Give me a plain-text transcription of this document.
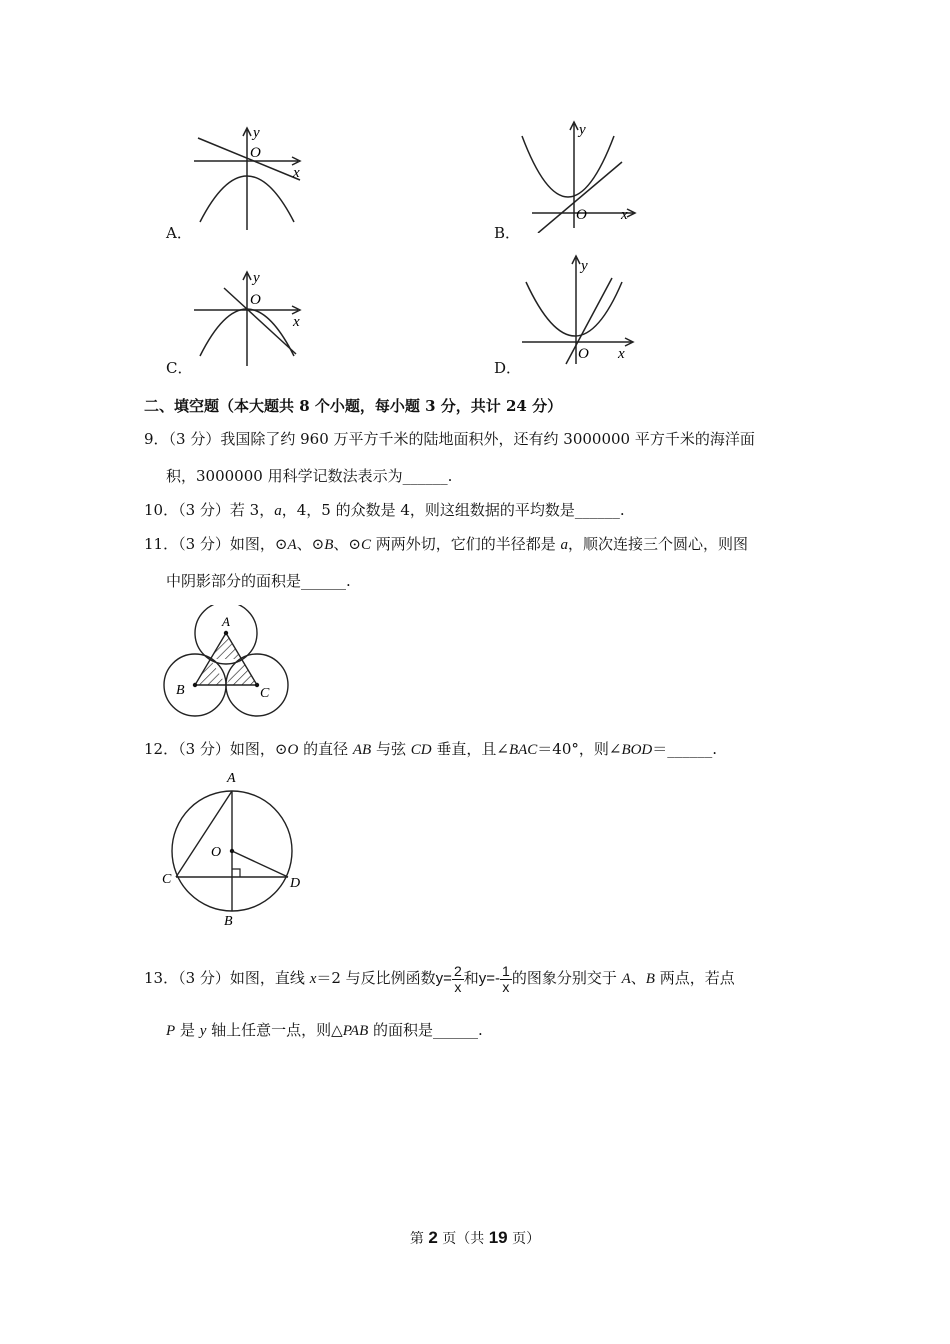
y
O
x
A．
y
O x
B．
y
O
x
C．
y
O x
D．
二、填空题（本大题共 8 个小题，每小题 3 分，共计 24 分）
9．（3 分）我国除了约 960 万平方千米的陆地面积外，还有约 3000000 平方千米的海洋面
积，3000000 用科学记数法表示为______.
10．（3 分）若 3，a，4，5 的众数是 4，则这组数据的平均数是______.
11．（3 分）如图，⊙A、⊙B、⊙C 两两外切，它们的半径都是 a，顺次连接三个圆心，则图
中阴影部分的面积是______.
A
B	C
12．（3 分）如图，⊙O 的直径 AB 与弦 CD 垂直，且∠BAC＝40°，则∠BOD＝______.
A
O
C	D
B
13．（3 分）如图，直线 x＝2 与反比例函数$y= \frac{2}{x}$ 和$y=- \frac{1}{x}$ 的图象分别交于 A、B 两点，若点
P 是 y 轴上任意一点，则△PAB 的面积是______.
第 2 页（共 19 页）
